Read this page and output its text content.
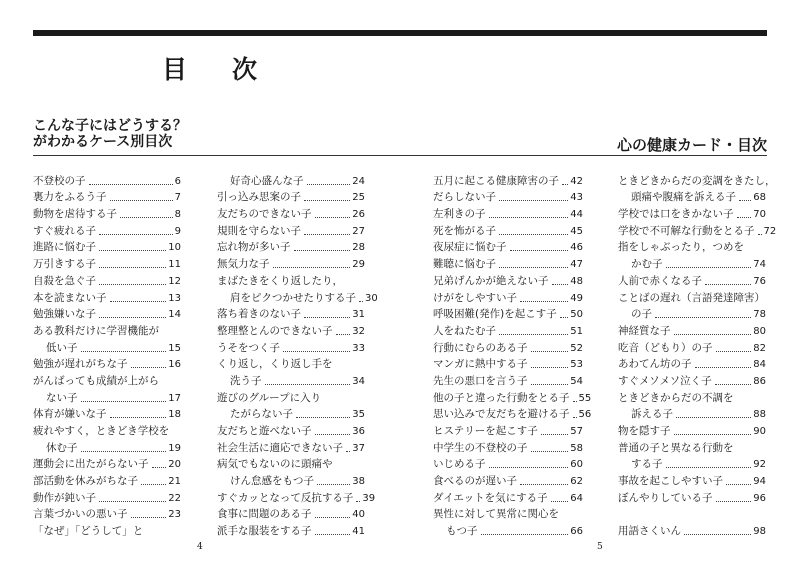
目　次

こんな子にはどうする？

がわかるケース別目次	心の健康カード・目次

不登校の子	6
裏力をふるう子	7
動物を虐待する子	8
すぐ疲れる子	9
進路に悩む子	10
万引きする子	11
自殺を急ぐ子	12
本を読まない子	13
勉強嫌いな子	14
ある教科だけに学習機能が
低い子	15
勉強が遅れがちな子	16
がんばっても成績が上がら
ない子	17
体育が嫌いな子	18
疲れやすく，ときどき学校を
休む子	19
運動会に出たがらない子 20
部活動を休みがちな子	21
動作が鈍い子	22
言葉づかいの悪い子	23
「なぜ」「どうして」と
好奇心盛んな子	24
引っ込み思案の子	25
友だちのできない子	26
規則を守らない子	27
忘れ物が多い子	28
無気力な子	29
まばたきをくり返したり，
肩をピクつかせたりする子 30
落ち着きのない子	31
整理整とんのできない子 32
うそをつく子	33
くり返し，くり返し手を
洗う子	34
遊びのグループに入り
たがらない子	35
友だちと遊べない子	36
社会生活に適応できない子 37
病気でもないのに頭痛や
けん怠感をもつ子	38
すぐカッとなって反抗する子 39
食事に問題のある子	40
派手な服装をする子	41
五月に起こる健康障害の子 42
だらしない子	43
左利きの子	44
死を怖がる子	45
夜尿症に悩む子	46
難聴に悩む子	47
兄弟げんかが絶えない子 48
けがをしやすい子	49
呼吸困難(発作)を起こす子 50
人をねたむ子	51
行動にむらのある子	52
マンガに熱中する子	53
先生の悪口を言う子	54
他の子と違った行動をとる子 55
思い込みで友だちを避ける子 56
ヒステリーを起こす子	57
中学生の不登校の子	58
いじめる子	60
食べるのが遅い子	62
ダイエットを気にする子 64
異性に対して異常に関心を
もつ子	66
ときどきからだの変調をきたし，
頭痛や腹痛を訴える子 68
学校では口をきかない子 70
学校で不可解な行動をとる子 72
指をしゃぶったり，つめを
かむ子	74
人前で赤くなる子	76
ことばの遅れ（言語発達障害）
の子	78
神経質な子	80
吃音（どもり）の子	82
あわてん坊の子	84
すぐメソメソ泣く子	86
ときどきからだの不調を
訴える子	88
物を隠す子	90
普通の子と異なる行動を
する子	92
事故を起こしやすい子	94
ぼんやりしている子	96
用語さくいん	98
4	5
